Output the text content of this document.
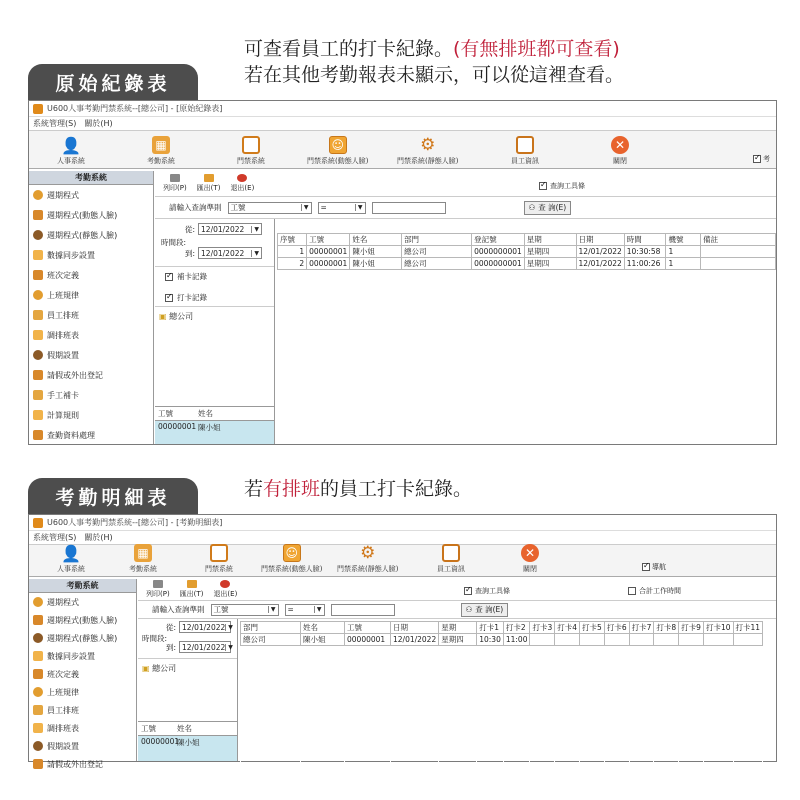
可查看員工的打卡紀錄。(有無排班都可查看)
若在其他考勤報表未顯示，可以從這裡查看。
原始紀錄表
U600人事考勤門禁系統--[總公司] - [原始紀錄表]
系統管理(S) 關於(H)
👤
人事系統
▦
考勤系統	門禁系統
☺
門禁系統(動態人臉)
⚙
門禁系統(靜態人臉)	員工資訊
✕
關閉 ✓	考
考勤系統
週期程式
週期程式(動態人臉)
週期程式(靜態人臉)
數據同步設置
班次定義
上班規律
員工排班
調排班表
假期設置
請假或外出登記
手工補卡
計算規則
查勤資料處理
列印(P) 匯出(T) 退出(E) ✓	查詢工具條
請輸入查詢準則 工號	▼ =	▼	⚇ 查 詢(E)
時間段:
從: 12/01/2022	▼
到: 12/01/2022	▼
✓
補卡記錄
✓
打卡記錄
▣ 總公司
工號	姓名
00000001 陳小姐
序號	工號	姓名	部門	登記號	星期	日期	時間	機號	備註
1	00000001	陳小姐	總公司	0000000001	星期四	12/01/2022	10:30:58	1	
2	00000001	陳小姐	總公司	0000000001	星期四	12/01/2022	11:00:26	1	

若有排班的員工打卡紀錄。
考勤明細表
U600人事考勤門禁系統--[總公司] - [考勤明細表]
系統管理(S) 關於(H)
👤
人事系統
▦
考勤系統	門禁系統
☺
門禁系統(動態人臉)
⚙
門禁系統(靜態人臉)	員工資訊
✕
關閉 ✓	導航
考勤系統
週期程式
週期程式(動態人臉)
週期程式(靜態人臉)
數據同步設置
班次定義
上班規律
員工排班
調排班表
假期設置
請假或外出登記
列印(P) 匯出(T) 退出(E) ✓	查詢工具條	合計工作時間
請輸入查詢準則 工號	▼ =	▼	⚇ 查 詢(E)
時間段:
從: 12/01/2022 ▼
到: 12/01/2022 ▼
▣ 總公司
工號	姓名
00000001
陳小姐
部門	姓名	工號	日期	星期	打卡1	打卡2	打卡3	打卡4	打卡5	打卡6	打卡7	打卡8	打卡9	打卡10	打卡11
總公司	陳小姐	00000001	12/01/2022	星期四	10:30	11:00									
